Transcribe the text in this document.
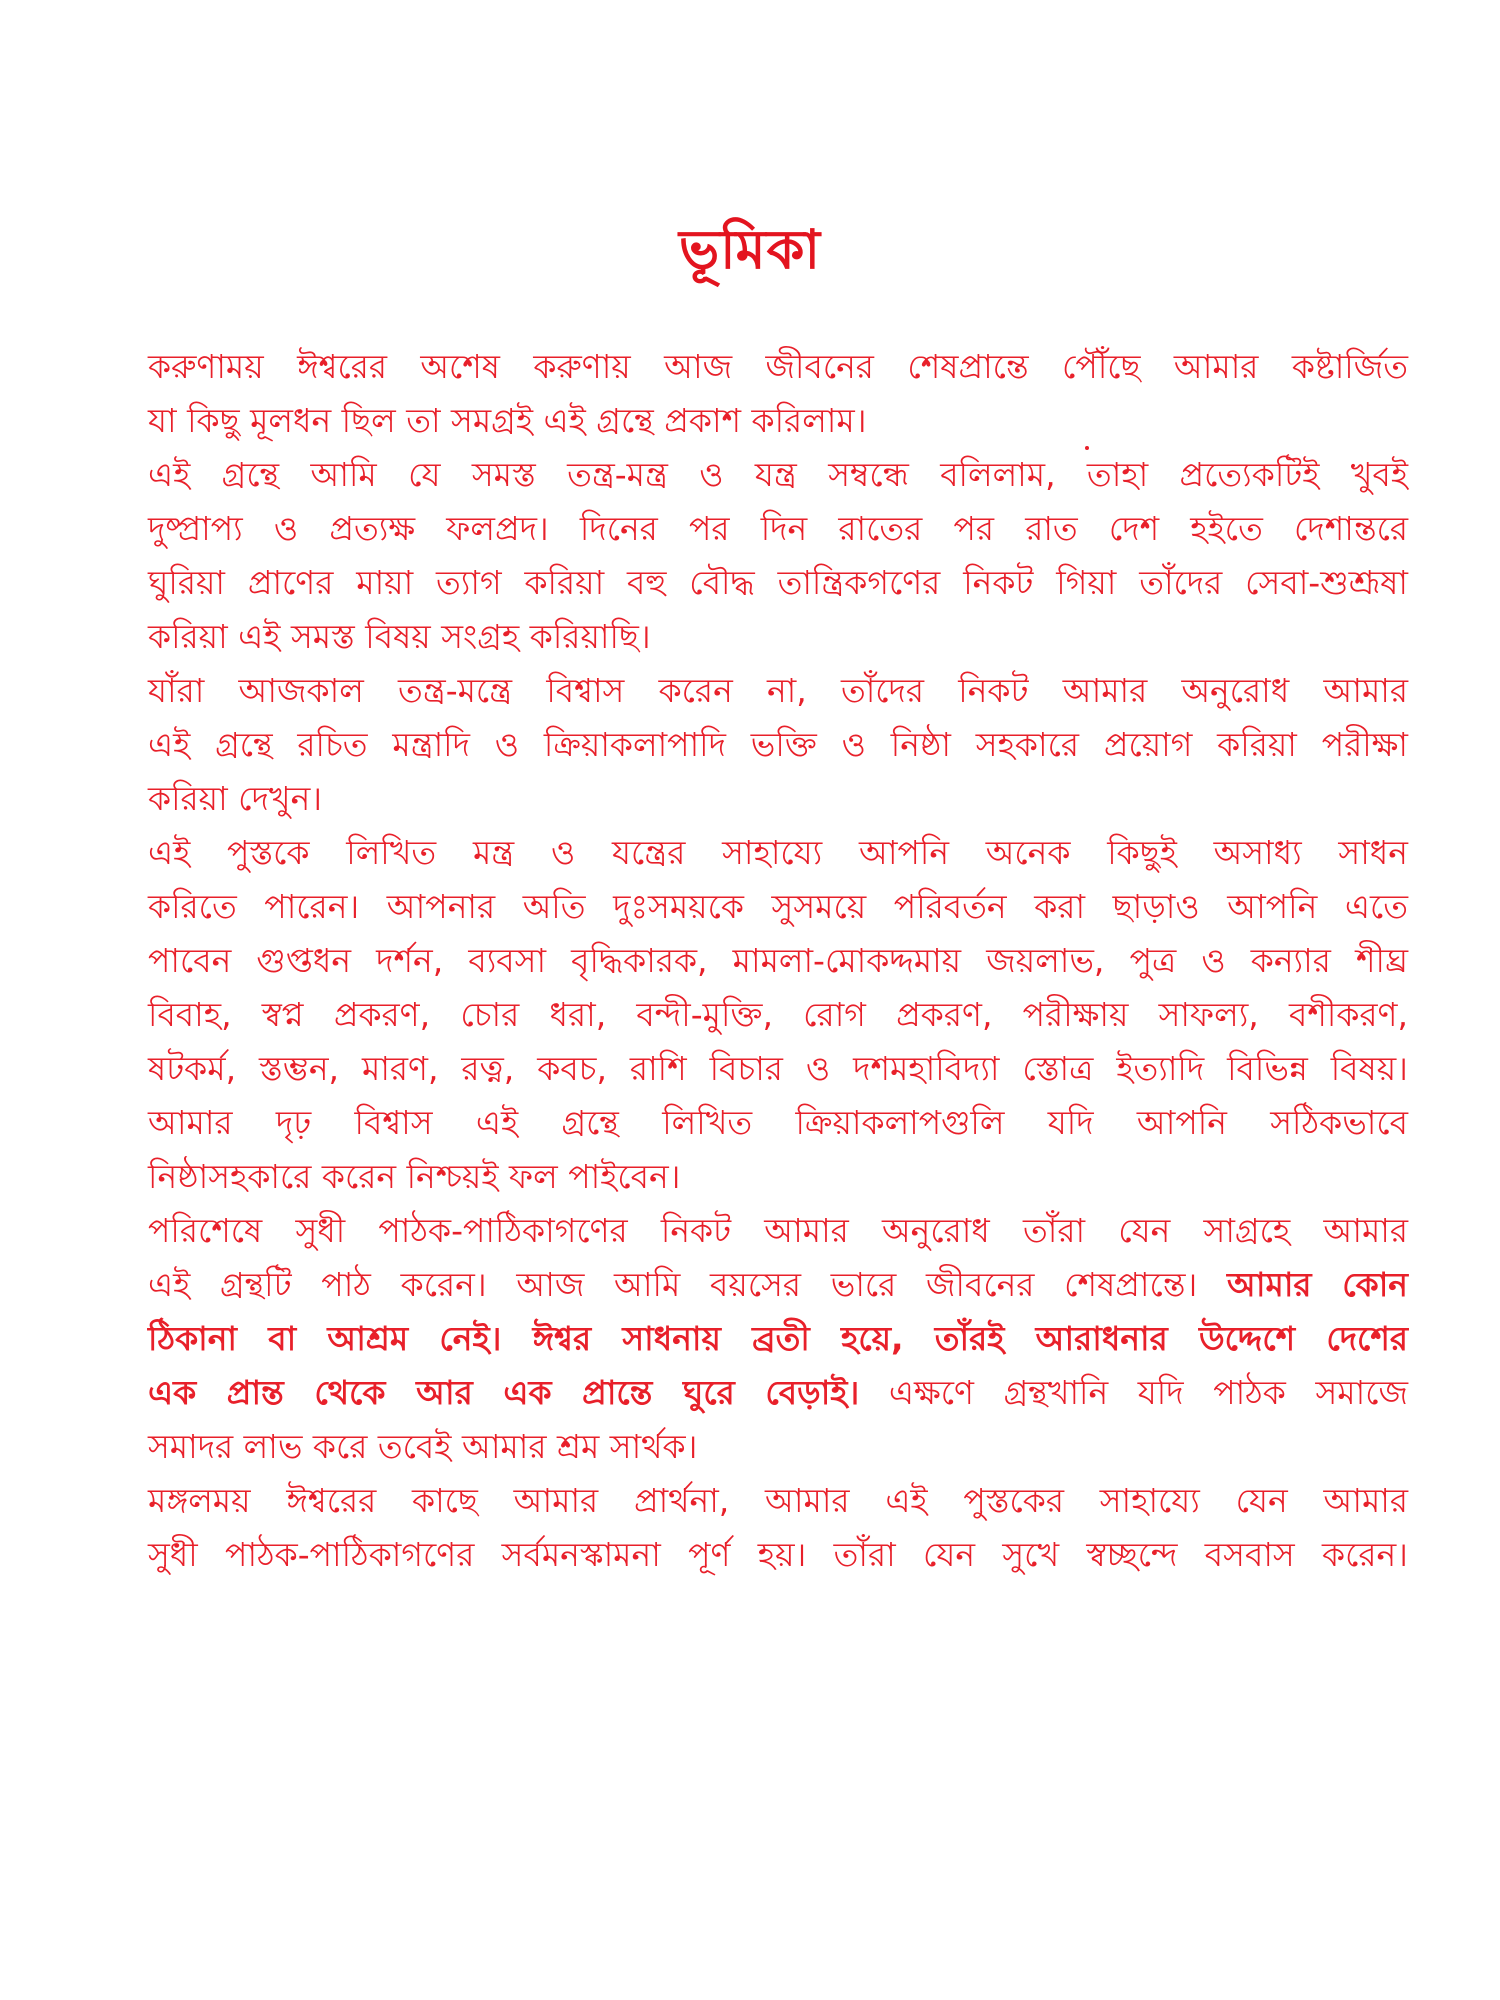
ভূমিকা
করুণাময় ঈশ্বরের অশেষ করুণায় আজ জীবনের শেষপ্রান্তে পৌঁছে আমার কষ্টার্জিত
যা কিছু মূলধন ছিল তা সমগ্রই এই গ্রন্থে প্রকাশ করিলাম।
এই গ্রন্থে আমি যে সমস্ত তন্ত্র-মন্ত্র ও যন্ত্র সম্বন্ধে বলিলাম, তাহা প্রত্যেকটিই খুবই
দুষ্প্রাপ্য ও প্রত্যক্ষ ফলপ্রদ। দিনের পর দিন রাতের পর রাত দেশ হইতে দেশান্তরে
ঘুরিয়া প্রাণের মায়া ত্যাগ করিয়া বহু বৌদ্ধ তান্ত্রিকগণের নিকট গিয়া তাঁদের সেবা-শুশ্রূষা
করিয়া এই সমস্ত বিষয় সংগ্রহ করিয়াছি।
যাঁরা আজকাল তন্ত্র-মন্ত্রে বিশ্বাস করেন না, তাঁদের নিকট আমার অনুরোধ আমার
এই গ্রন্থে রচিত মন্ত্রাদি ও ক্রিয়াকলাপাদি ভক্তি ও নিষ্ঠা সহকারে প্রয়োগ করিয়া পরীক্ষা
করিয়া দেখুন।
এই পুস্তকে লিখিত মন্ত্র ও যন্ত্রের সাহায্যে আপনি অনেক কিছুই অসাধ্য সাধন
করিতে পারেন। আপনার অতি দুঃসময়কে সুসময়ে পরিবর্তন করা ছাড়াও আপনি এতে
পাবেন গুপ্তধন দর্শন, ব্যবসা বৃদ্ধিকারক, মামলা-মোকদ্দমায় জয়লাভ, পুত্র ও কন্যার শীঘ্র
বিবাহ, স্বপ্ন প্রকরণ, চোর ধরা, বন্দী-মুক্তি, রোগ প্রকরণ, পরীক্ষায় সাফল্য, বশীকরণ,
ষটকর্ম, স্তম্ভন, মারণ, রত্ন, কবচ, রাশি বিচার ও দশমহাবিদ্যা স্তোত্র ইত্যাদি বিভিন্ন বিষয়।
আমার দৃঢ় বিশ্বাস এই গ্রন্থে লিখিত ক্রিয়াকলাপগুলি যদি আপনি সঠিকভাবে
নিষ্ঠাসহকারে করেন নিশ্চয়ই ফল পাইবেন।
পরিশেষে সুধী পাঠক-পাঠিকাগণের নিকট আমার অনুরোধ তাঁরা যেন সাগ্রহে আমার
এই গ্রন্থটি পাঠ করেন। আজ আমি বয়সের ভারে জীবনের শেষপ্রান্তে। আমার কোন
ঠিকানা বা আশ্রম নেই। ঈশ্বর সাধনায় ব্রতী হয়ে, তাঁরই আরাধনার উদ্দেশে দেশের
এক প্রান্ত থেকে আর এক প্রান্তে ঘুরে বেড়াই। এক্ষণে গ্রন্থখানি যদি পাঠক সমাজে
সমাদর লাভ করে তবেই আমার শ্রম সার্থক।
মঙ্গলময় ঈশ্বরের কাছে আমার প্রার্থনা, আমার এই পুস্তকের সাহায্যে যেন আমার
সুধী পাঠক-পাঠিকাগণের সর্বমনস্কামনা পূর্ণ হয়। তাঁরা যেন সুখে স্বচ্ছন্দে বসবাস করেন।
